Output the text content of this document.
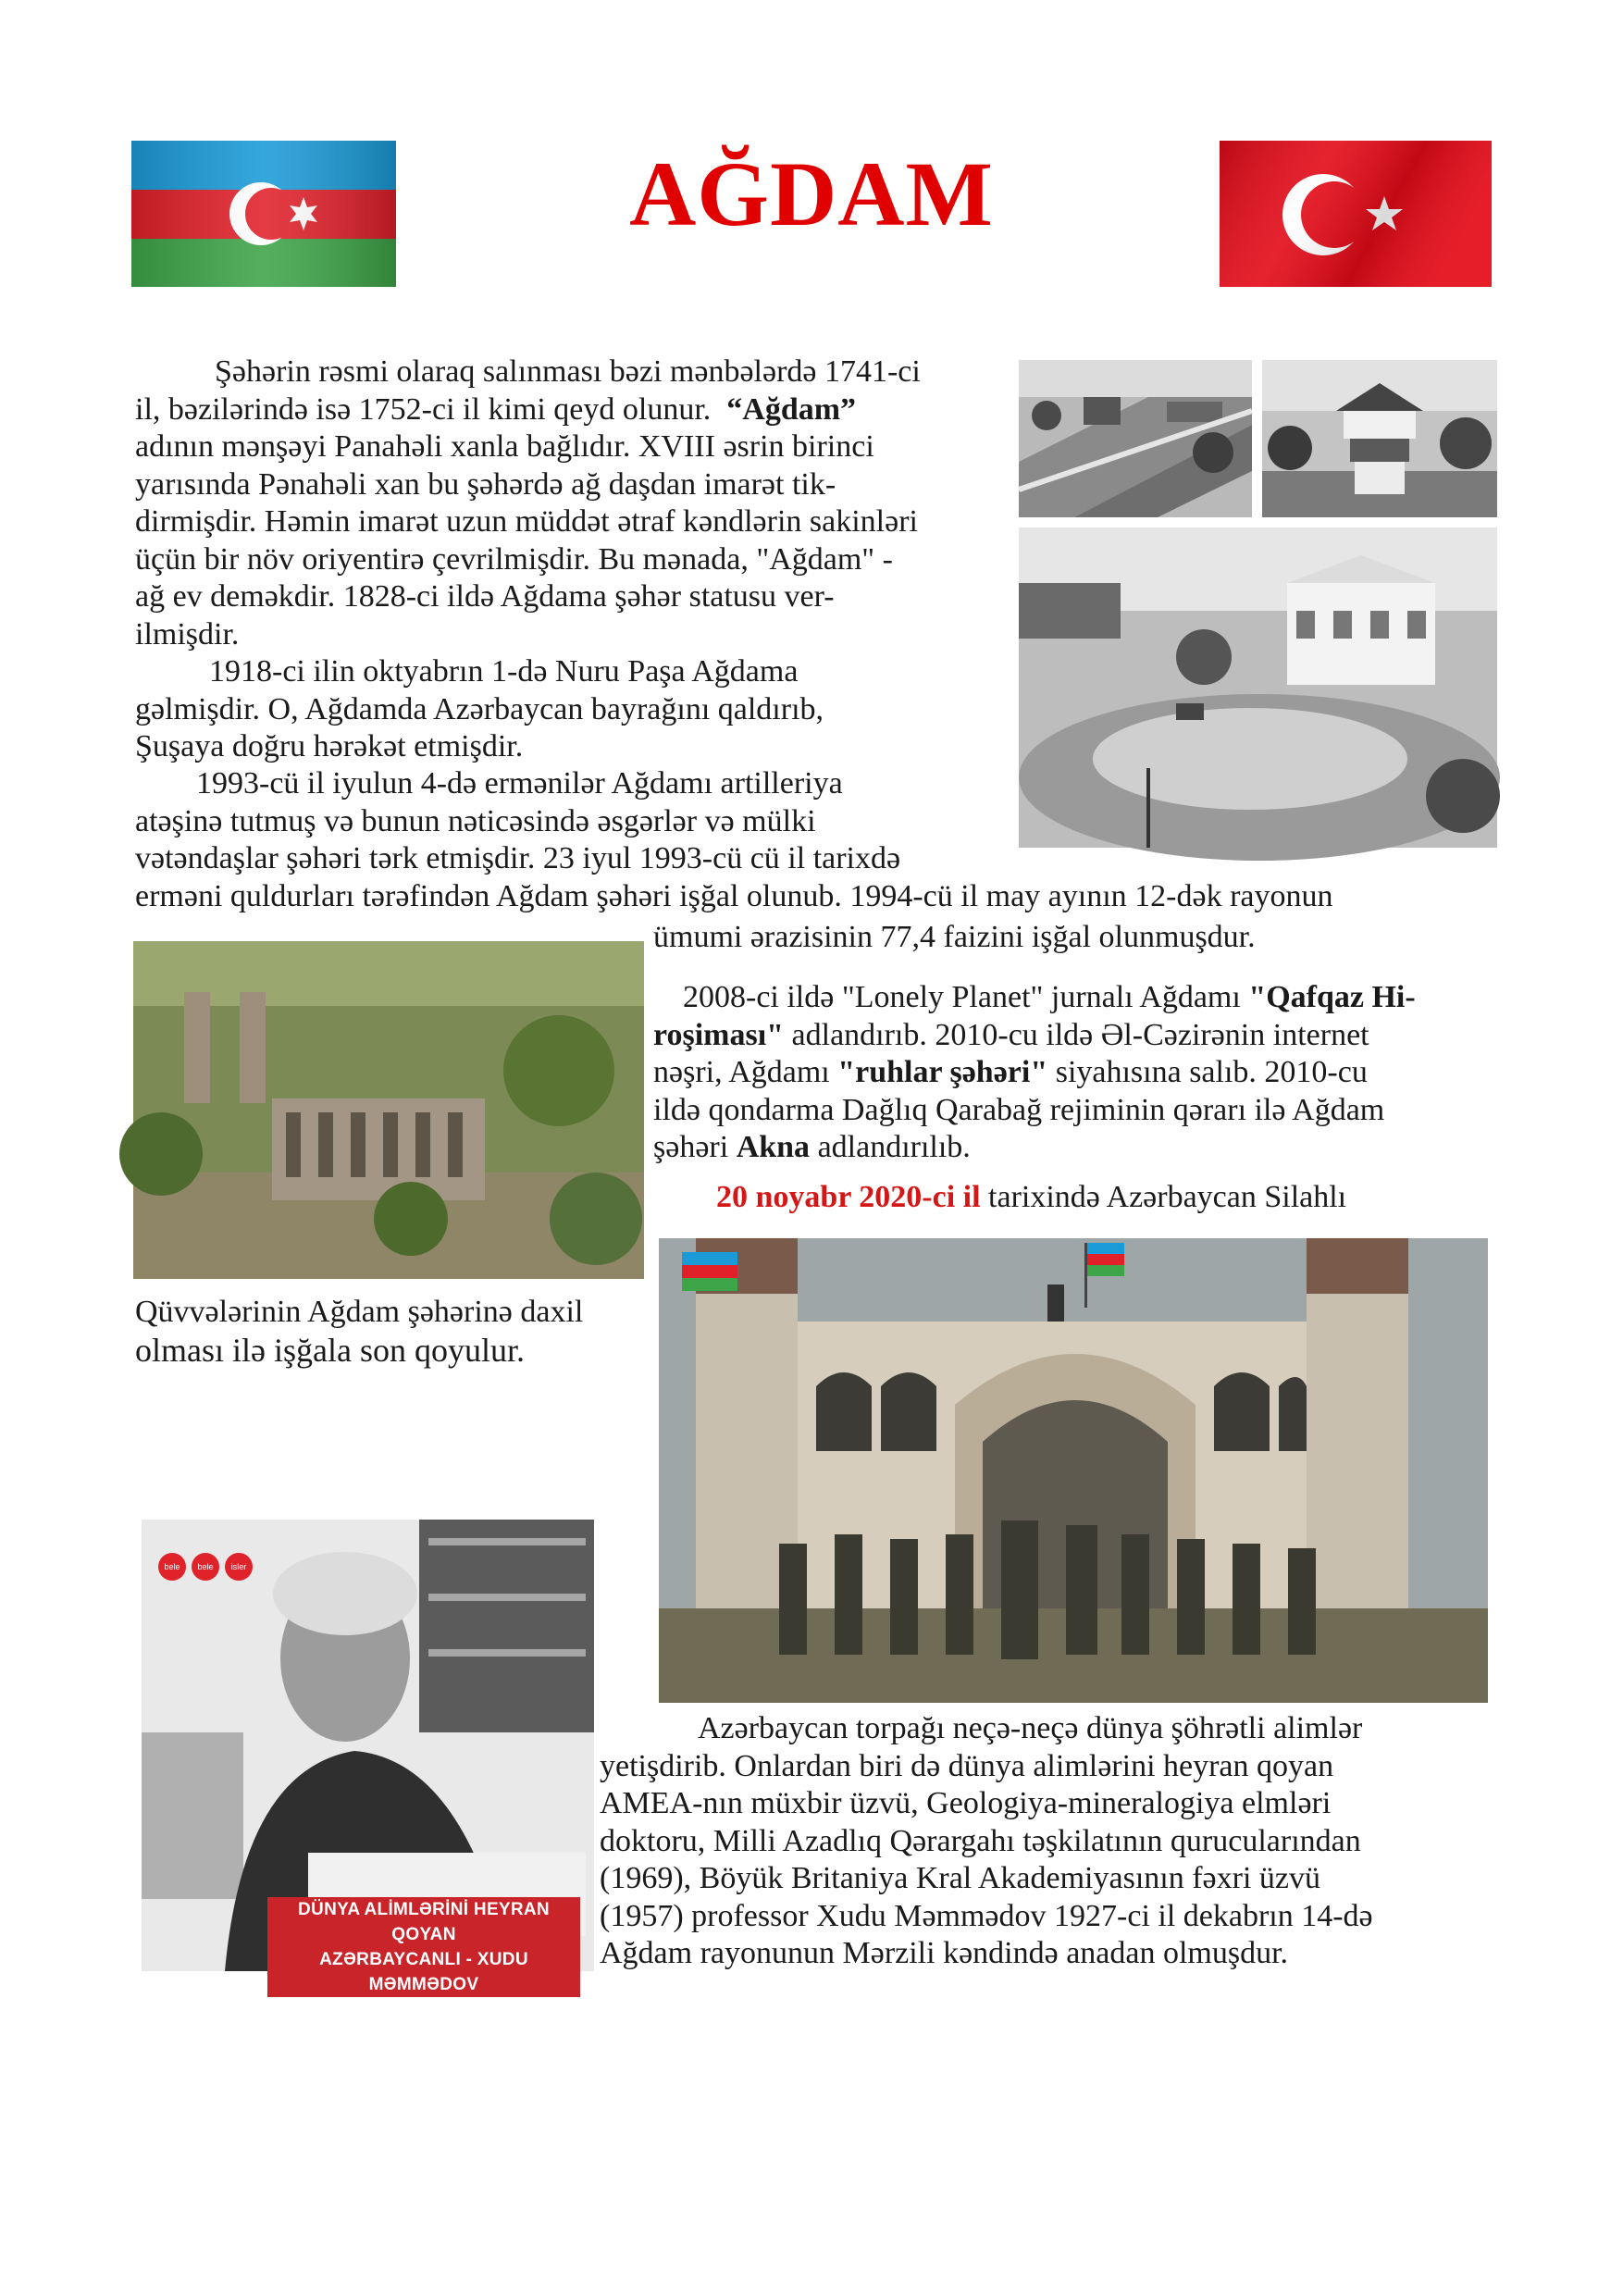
AĞDAM
bele	bele	isler
DÜNYA ALİMLƏRİNİ HEYRAN QOYAN
AZƏRBAYCANLI - XUDU MƏMMƏDOV
Şəhərin rəsmi olaraq salınması bəzi mənbələrdə 1741-ci
il, bəzilərində isə 1752-ci il kimi qeyd olunur. “Ağdam”
adının mənşəyi Panahəli xanla bağlıdır. XVIII əsrin birinci
yarısında Pənahəli xan bu şəhərdə ağ daşdan imarət tik-
dirmişdir. Həmin imarət uzun müddət ətraf kəndlərin sakinləri
üçün bir növ oriyentirə çevrilmişdir. Bu mənada, "Ağdam" -
ağ ev deməkdir. 1828-ci ildə Ağdama şəhər statusu ver-
ilmişdir.
1918-ci ilin oktyabrın 1-də Nuru Paşa Ağdama
gəlmişdir. O, Ağdamda Azərbaycan bayrağını qaldırıb,
Şuşaya doğru hərəkət etmişdir.
1993-cü il iyulun 4-də ermənilər Ağdamı artilleriya
atəşinə tutmuş və bunun nəticəsində əsgərlər və mülki
vətəndaşlar şəhəri tərk etmişdir. 23 iyul 1993-cü cü il tarixdə
erməni quldurları tərəfindən Ağdam şəhəri işğal olunub. 1994-cü il may ayının 12-dək rayonun
ümumi ərazisinin 77,4 faizini işğal olunmuşdur.
2008-ci ildə "Lonely Planet" jurnalı Ağdamı "Qafqaz Hi-
roşiması" adlandırıb. 2010-cu ildə Əl-Cəzirənin internet
nəşri, Ağdamı "ruhlar şəhəri" siyahısına salıb. 2010-cu
ildə qondarma Dağlıq Qarabağ rejiminin qərarı ilə Ağdam
şəhəri Akna adlandırılıb.
20 noyabr 2020-ci il tarixində Azərbaycan Silahlı
Qüvvələrinin Ağdam şəhərinə daxil
olması ilə işğala son qoyulur.
Azərbaycan torpağı neçə-neçə dünya şöhrətli alimlər
yetişdirib. Onlardan biri də dünya alimlərini heyran qoyan
AMEA-nın müxbir üzvü, Geologiya-mineralogiya elmləri
doktoru, Milli Azadlıq Qərargahı təşkilatının qurucularından
(1969), Böyük Britaniya Kral Akademiyasının fəxri üzvü
(1957) professor Xudu Məmmədov 1927-ci il dekabrın 14-də
Ağdam rayonunun Mərzili kəndində anadan olmuşdur.
